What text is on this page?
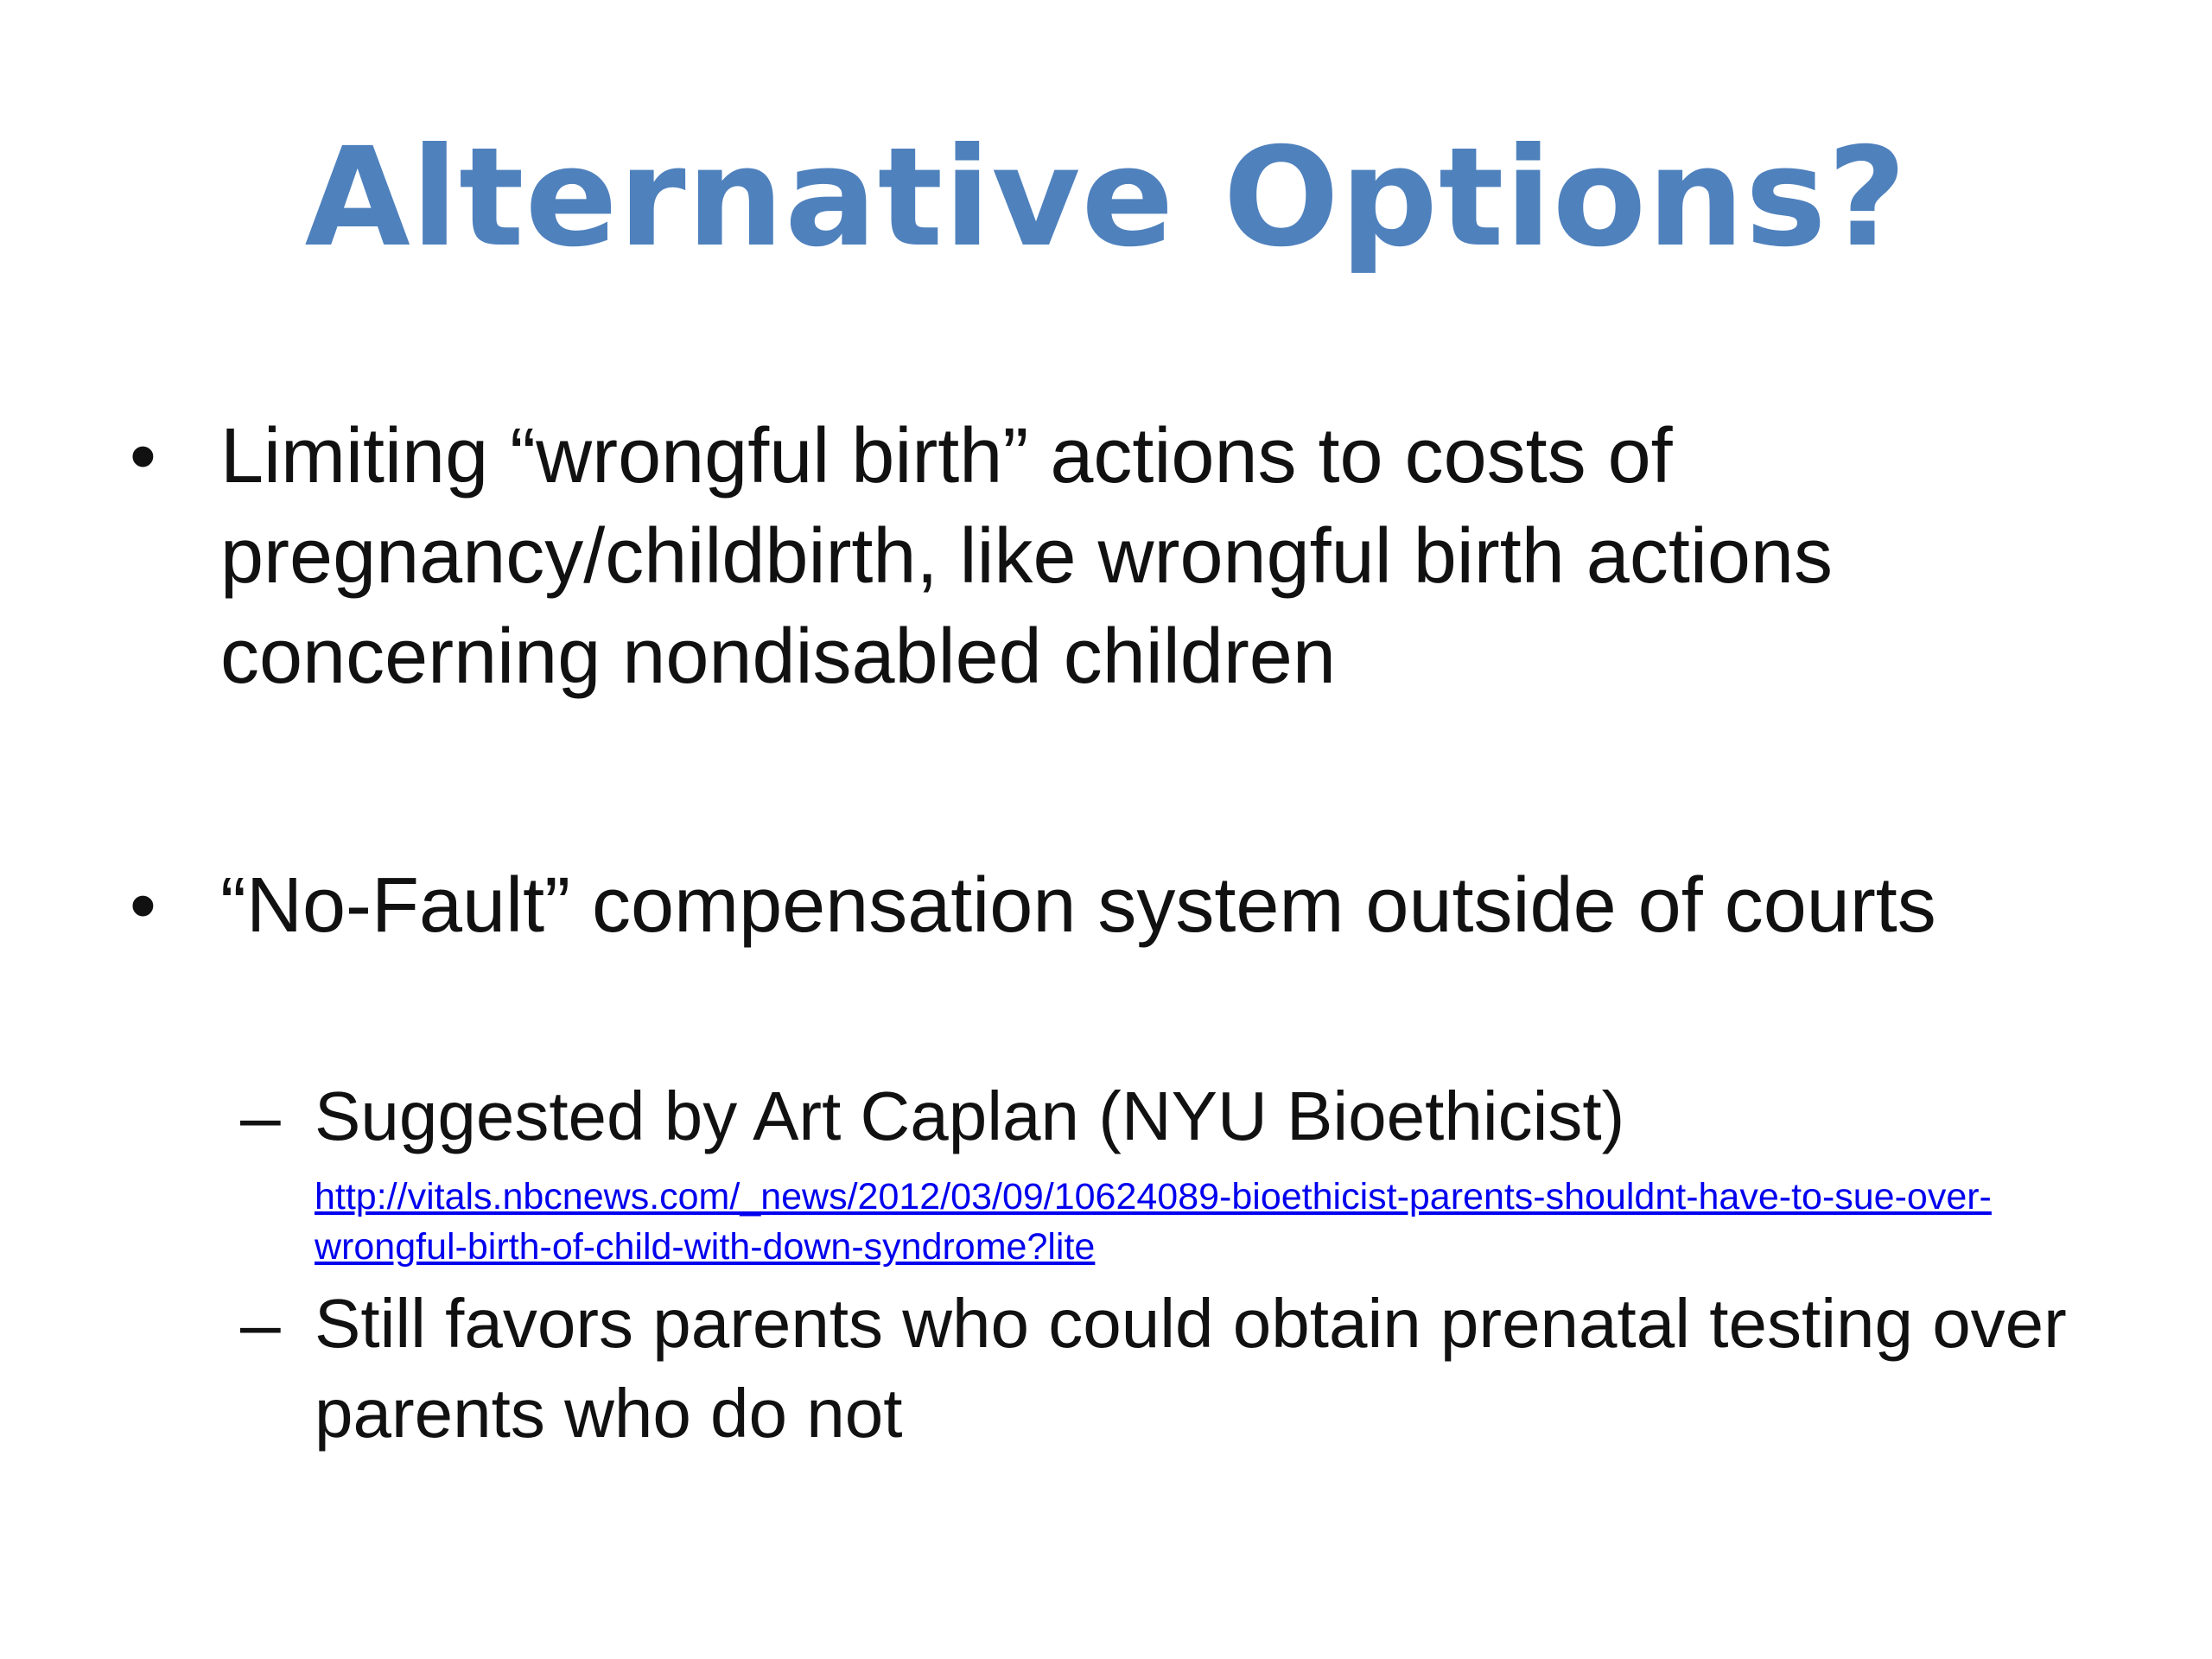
Alternative Options?
• Limiting “wrongful birth” actions to costs of pregnancy/childbirth, like wrongful birth actions concerning nondisabled children
• “No-Fault” compensation system outside of courts
– Suggested by Art Caplan (NYU Bioethicist)
http://vitals.nbcnews.com/_news/2012/03/09/10624089-bioethicist-parents-shouldnt-have-to-sue-over-wrongful-birth-of-child-with-down-syndrome?lite
– Still favors parents who could obtain prenatal testing over parents who do not
